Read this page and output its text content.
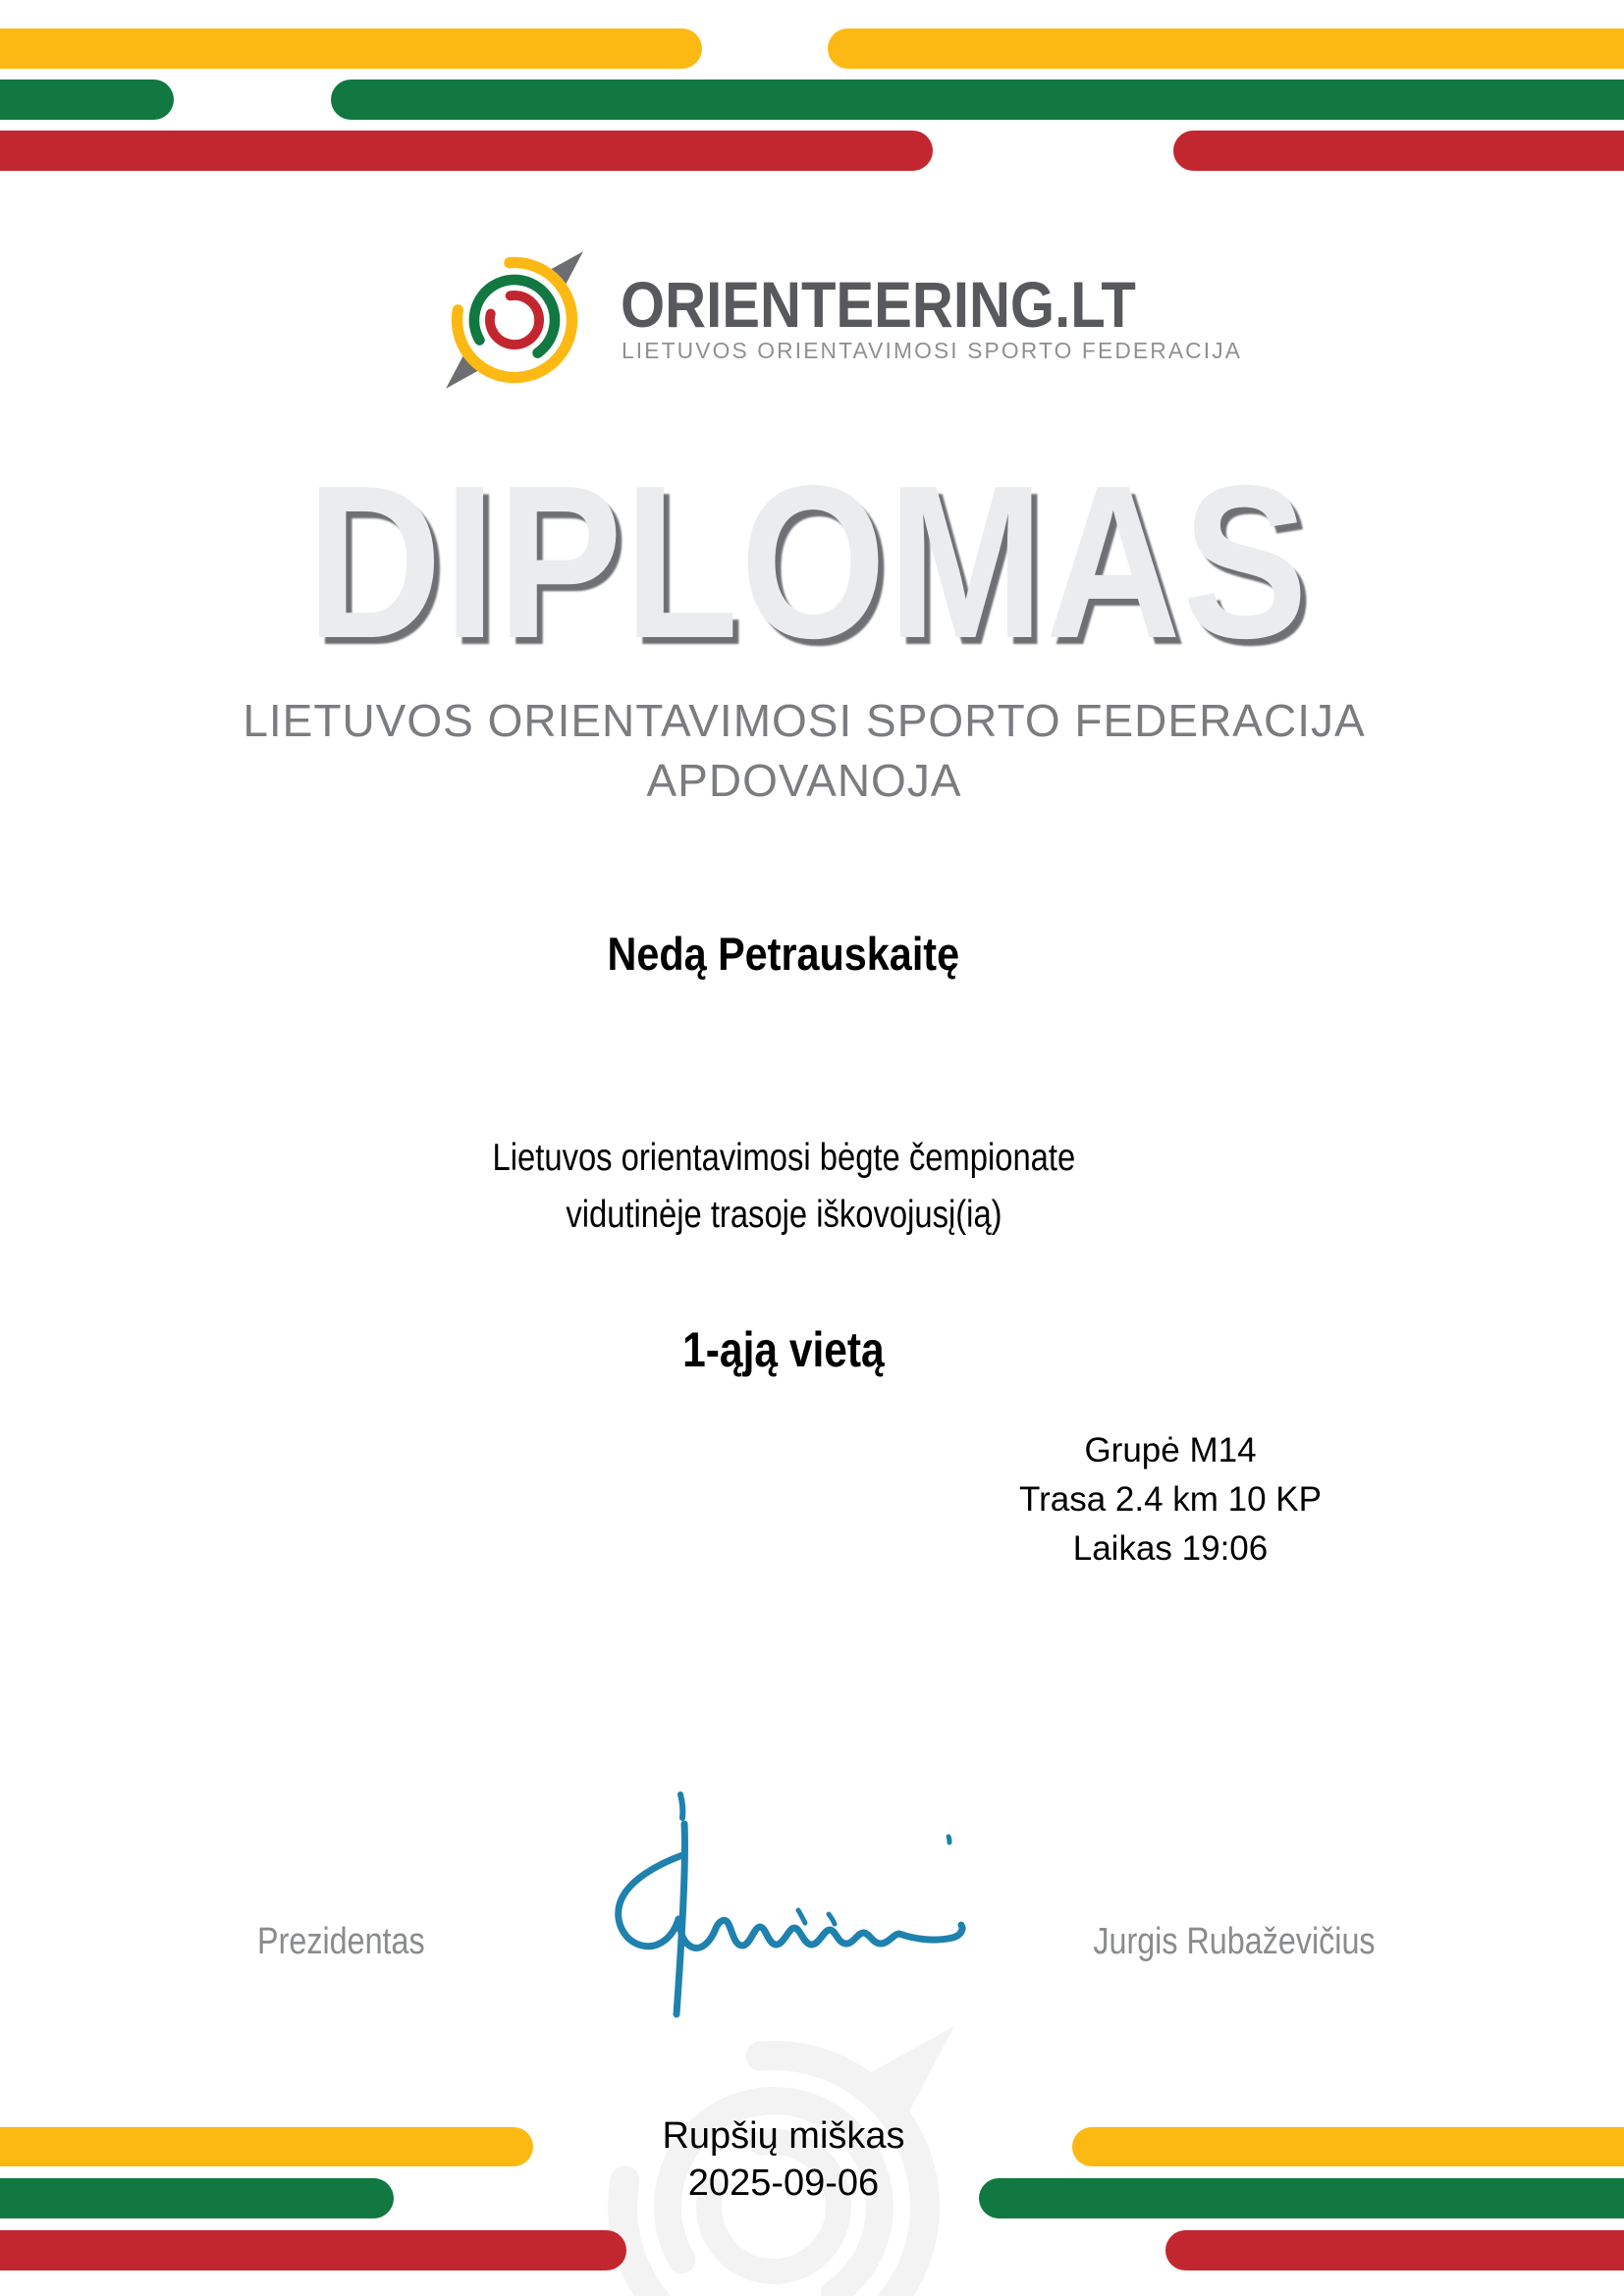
ORIENTEERING.LT
LIETUVOS ORIENTAVIMOSI SPORTO FEDERACIJA
DIPLOMAS
LIETUVOS ORIENTAVIMOSI SPORTO FEDERACIJA
APDOVANOJA
Nedą Petrauskaitę
Lietuvos orientavimosi bėgte čempionate
vidutinėje trasoje iškovojusį(ią)
1-ąją vietą
Grupė M14
Trasa 2.4 km 10 KP
Laikas 19:06
Prezidentas	Jurgis Rubaževičius
Rupšių miškas
2025-09-06
